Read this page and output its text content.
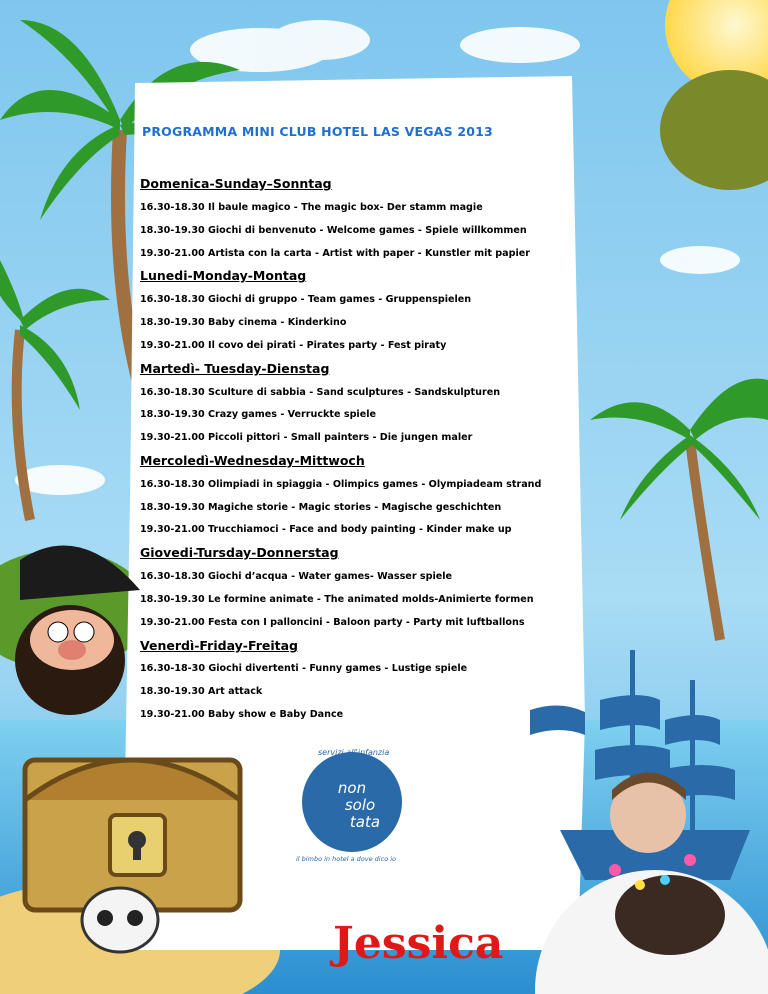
non
solo
tata
PROGRAMMA MINI CLUB HOTEL LAS VEGAS 2013
Domenica-Sunday–Sonntag
16.30-18.30 Il baule magico - The magic box- Der stamm magie
18.30-19.30 Giochi di benvenuto - Welcome games - Spiele willkommen
19.30-21.00 Artista con la carta - Artist with paper - Kunstler mit papier
Lunedi-Monday-Montag
16.30-18.30 Giochi di gruppo - Team games - Gruppenspielen
18.30-19.30 Baby cinema - Kinderkino
19.30-21.00 Il covo dei pirati - Pirates party - Fest piraty
Martedì- Tuesday-Dienstag
16.30-18.30 Sculture di sabbia - Sand sculptures - Sandskulpturen
18.30-19.30 Crazy games - Verruckte spiele
19.30-21.00 Piccoli pittori - Small painters - Die jungen maler
Mercoledì-Wednesday-Mittwoch
16.30-18.30 Olimpiadi in spiaggia - Olimpics games - Olympiadeam strand
18.30-19.30 Magiche storie - Magic stories - Magische geschichten
19.30-21.00 Trucchiamoci - Face and body painting - Kinder make up
Giovedi-Tursday-Donnerstag
16.30-18.30 Giochi d’acqua - Water games- Wasser spiele
18.30-19.30 Le formine animate - The animated molds-Animierte formen
19.30-21.00 Festa con I palloncini - Baloon party - Party mit luftballons
Venerdì-Friday-Freitag
16.30-18-30 Giochi divertenti - Funny games - Lustige spiele
18.30-19.30 Art attack
19.30-21.00 Baby show e Baby Dance
servizi all'infanzia
il bimbo in hotel a dove dico io
Jessica
